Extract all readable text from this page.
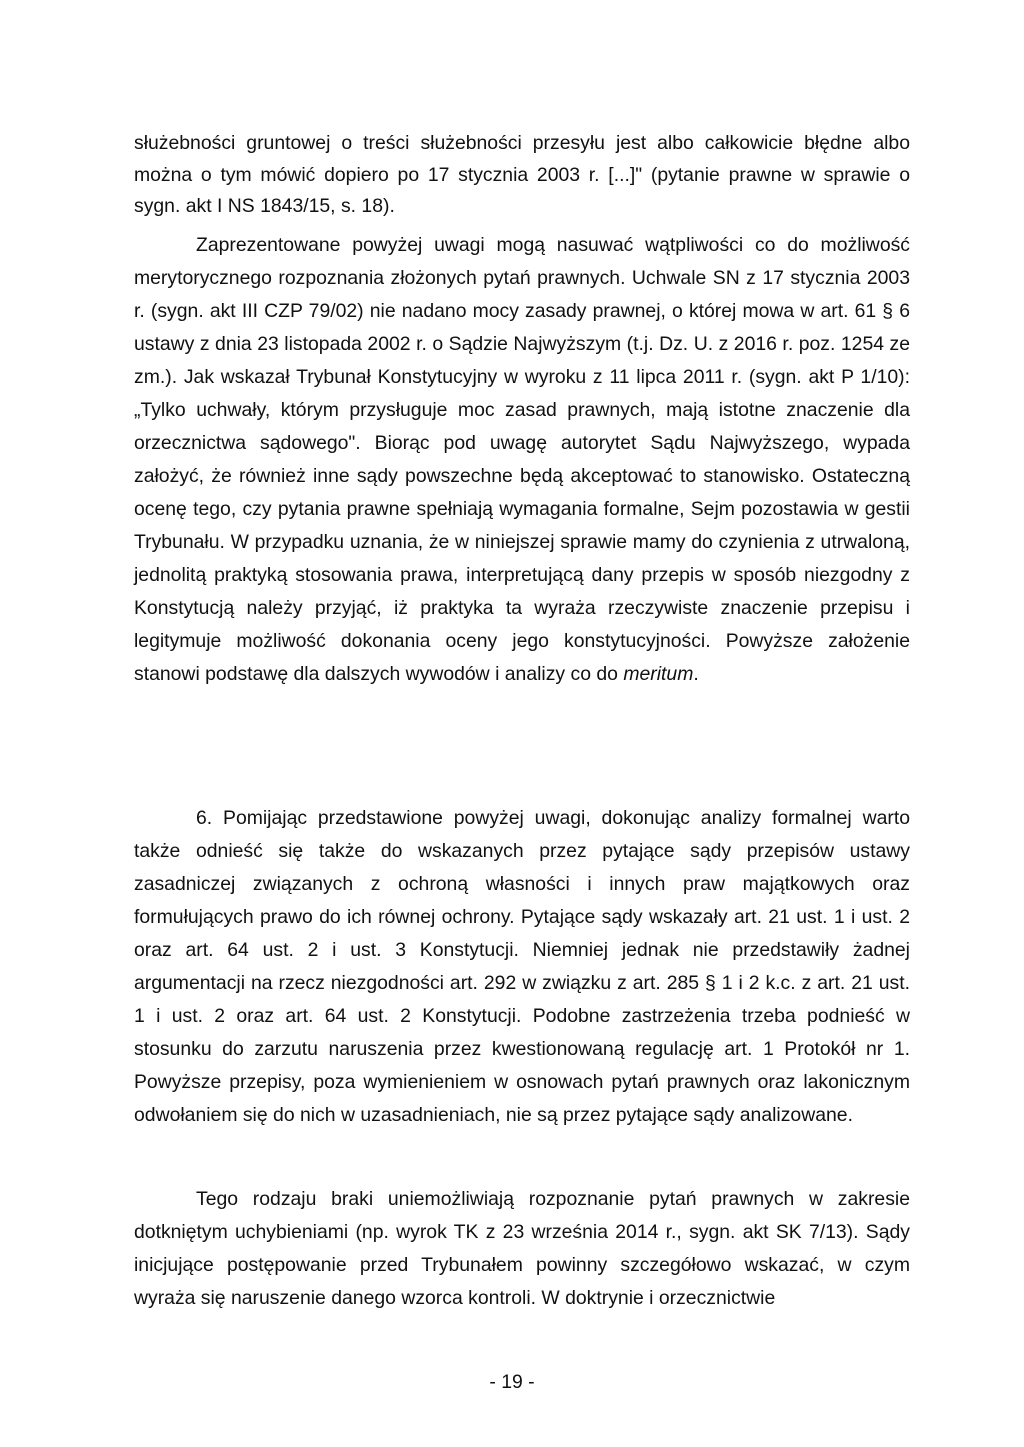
służebności gruntowej o treści służebności przesyłu jest albo całkowicie błędne albo można o tym mówić dopiero po 17 stycznia 2003 r. [...]" (pytanie prawne w sprawie o sygn. akt I NS 1843/15, s. 18).

Zaprezentowane powyżej uwagi mogą nasuwać wątpliwości co do możliwość merytorycznego rozpoznania złożonych pytań prawnych. Uchwale SN z 17 stycznia 2003 r. (sygn. akt III CZP 79/02) nie nadano mocy zasady prawnej, o której mowa w art. 61 § 6 ustawy z dnia 23 listopada 2002 r. o Sądzie Najwyższym (t.j. Dz. U. z 2016 r. poz. 1254 ze zm.). Jak wskazał Trybunał Konstytucyjny w wyroku z 11 lipca 2011 r. (sygn. akt P 1/10): „Tylko uchwały, którym przysługuje moc zasad prawnych, mają istotne znaczenie dla orzecznictwa sądowego". Biorąc pod uwagę autorytet Sądu Najwyższego, wypada założyć, że również inne sądy powszechne będą akceptować to stanowisko. Ostateczną ocenę tego, czy pytania prawne spełniają wymagania formalne, Sejm pozostawia w gestii Trybunału. W przypadku uznania, że w niniejszej sprawie mamy do czynienia z utrwaloną, jednolitą praktyką stosowania prawa, interpretującą dany przepis w sposób niezgodny z Konstytucją należy przyjąć, iż praktyka ta wyraża rzeczywiste znaczenie przepisu i legitymuje możliwość dokonania oceny jego konstytucyjności. Powyższe założenie stanowi podstawę dla dalszych wywodów i analizy co do meritum.

6. Pomijając przedstawione powyżej uwagi, dokonując analizy formalnej warto także odnieść się także do wskazanych przez pytające sądy przepisów ustawy zasadniczej związanych z ochroną własności i innych praw majątkowych oraz formułujących prawo do ich równej ochrony. Pytające sądy wskazały art. 21 ust. 1 i ust. 2 oraz art. 64 ust. 2 i ust. 3 Konstytucji. Niemniej jednak nie przedstawiły żadnej argumentacji na rzecz niezgodności art. 292 w związku z art. 285 § 1 i 2 k.c. z art. 21 ust. 1 i ust. 2 oraz art. 64 ust. 2 Konstytucji. Podobne zastrzeżenia trzeba podnieść w stosunku do zarzutu naruszenia przez kwestionowaną regulację art. 1 Protokół nr 1. Powyższe przepisy, poza wymienieniem w osnowach pytań prawnych oraz lakonicznym odwołaniem się do nich w uzasadnieniach, nie są przez pytające sądy analizowane.

Tego rodzaju braki uniemożliwiają rozpoznanie pytań prawnych w zakresie dotkniętym uchybieniami (np. wyrok TK z 23 września 2014 r., sygn. akt SK 7/13). Sądy inicjujące postępowanie przed Trybunałem powinny szczegółowo wskazać, w czym wyraża się naruszenie danego wzorca kontroli. W doktrynie i orzecznictwie

- 19 -
